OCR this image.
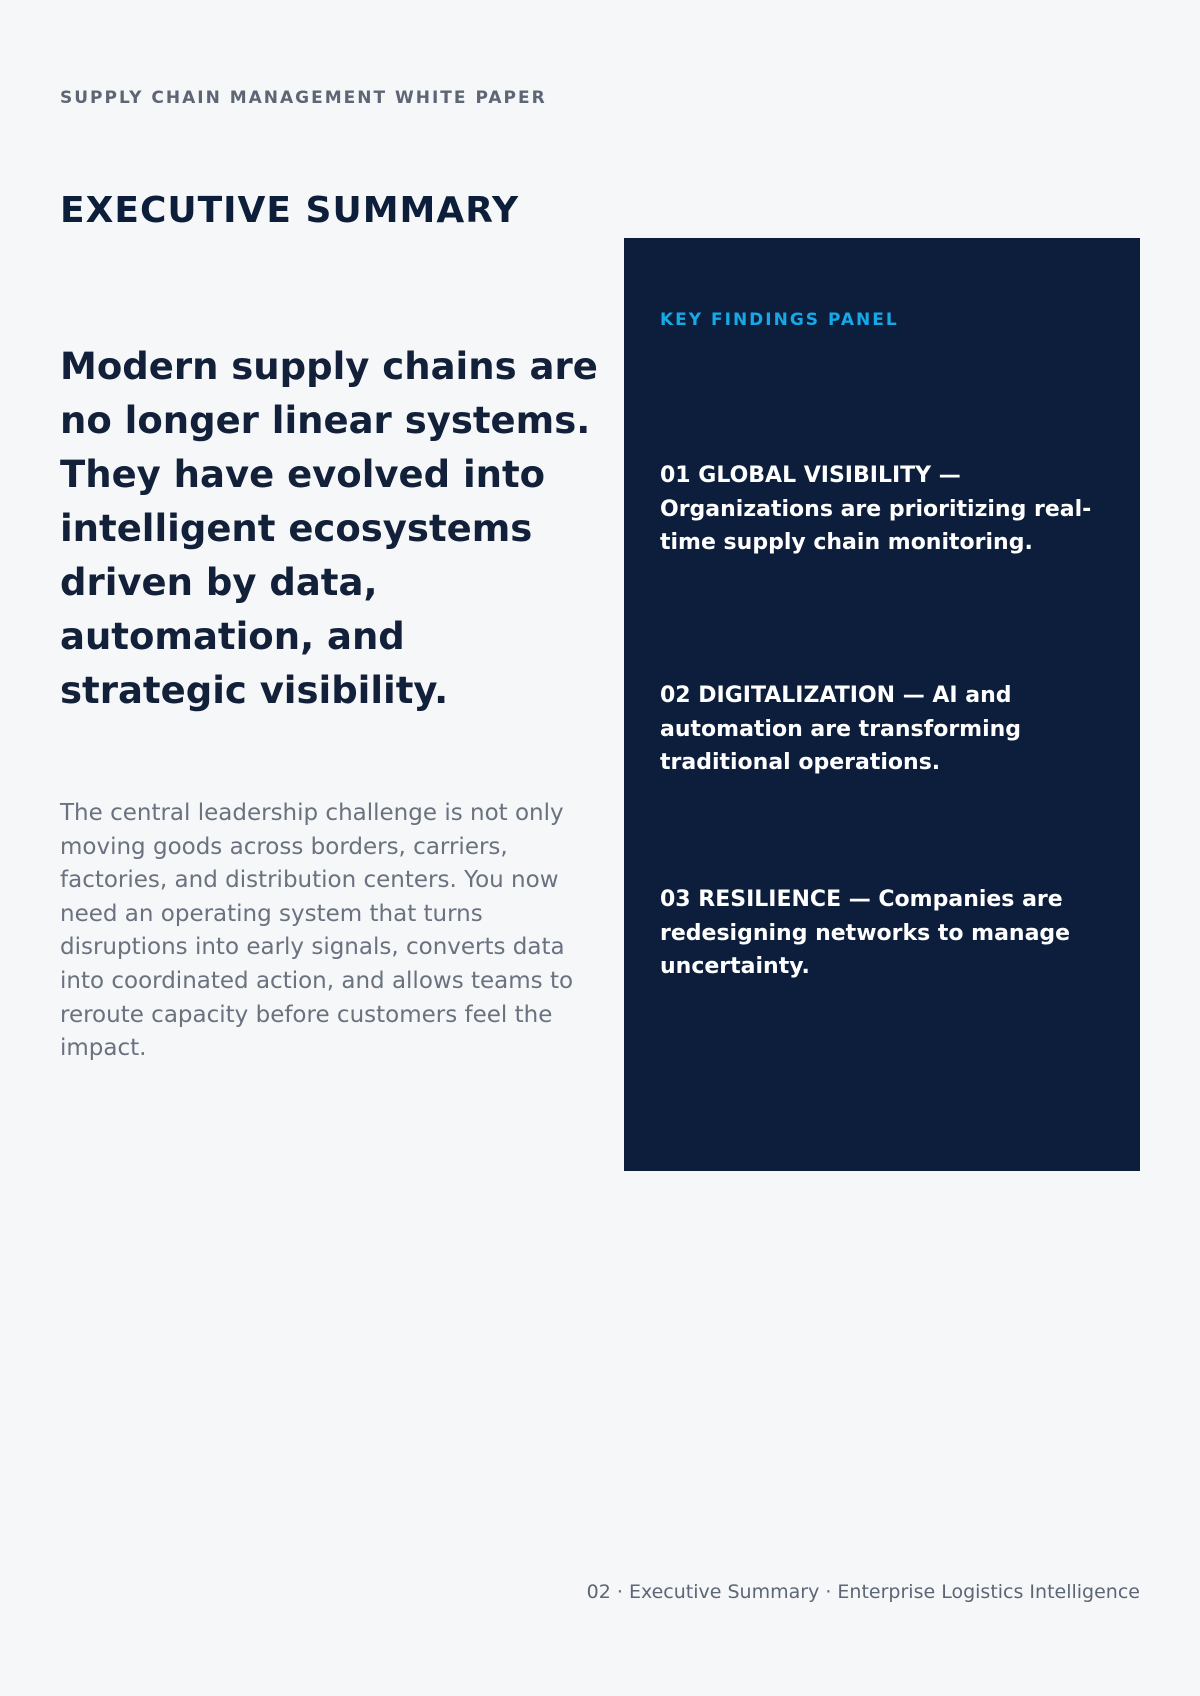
SUPPLY CHAIN MANAGEMENT WHITE PAPER
EXECUTIVE SUMMARY

Modern supply chains are no longer linear systems. They have evolved into intelligent ecosystems driven by data, automation, and strategic visibility.

The central leadership challenge is not only moving goods across borders, carriers, factories, and distribution centers. You now need an operating system that turns disruptions into early signals, converts data into coordinated action, and allows teams to reroute capacity before customers feel the impact.

KEY FINDINGS PANEL

01 GLOBAL VISIBILITY — Organizations are prioritizing real-time supply chain monitoring.

02 DIGITALIZATION — AI and automation are transforming traditional operations.

03 RESILIENCE — Companies are redesigning networks to manage uncertainty.

02 · Executive Summary · Enterprise Logistics Intelligence
